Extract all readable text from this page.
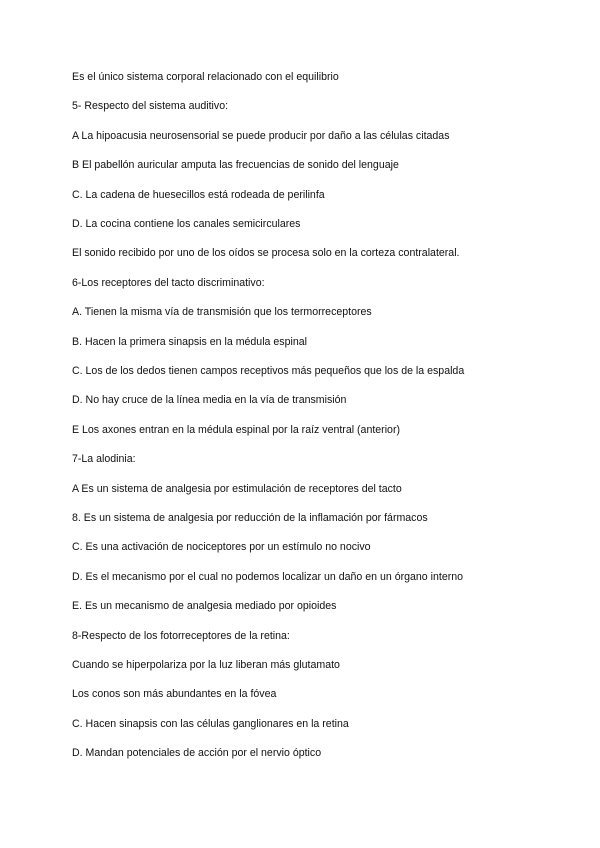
Es el único sistema corporal relacionado con el equilibrio

5- Respecto del sistema auditivo:

A La hipoacusia neurosensorial se puede producir por daño a las células citadas

B El pabellón auricular amputa las frecuencias de sonido del lenguaje

C. La cadena de huesecillos está rodeada de perilinfa

D. La cocina contiene los canales semicirculares

El sonido recibido por uno de los oídos se procesa solo en la corteza contralateral.

6-Los receptores del tacto discriminativo:

A. Tienen la misma vía de transmisión que los termorreceptores

B. Hacen la primera sinapsis en la médula espinal

C. Los de los dedos tienen campos receptivos más pequeños que los de la espalda

D. No hay cruce de la línea media en la vía de transmisión

E Los axones entran en la médula espinal por la raíz ventral (anterior)

7-La alodinia:

A Es un sistema de analgesia por estimulación de receptores del tacto

8. Es un sistema de analgesia por reducción de la inflamación por fármacos

C. Es una activación de nociceptores por un estímulo no nocivo

D. Es el mecanismo por el cual no podemos localizar un daño en un órgano interno

E. Es un mecanismo de analgesia mediado por opioides

8-Respecto de los fotorreceptores de la retina:

Cuando se hiperpolariza por la luz liberan más glutamato

Los conos son más abundantes en la fóvea

C. Hacen sinapsis con las células ganglionares en la retina

D. Mandan potenciales de acción por el nervio óptico
